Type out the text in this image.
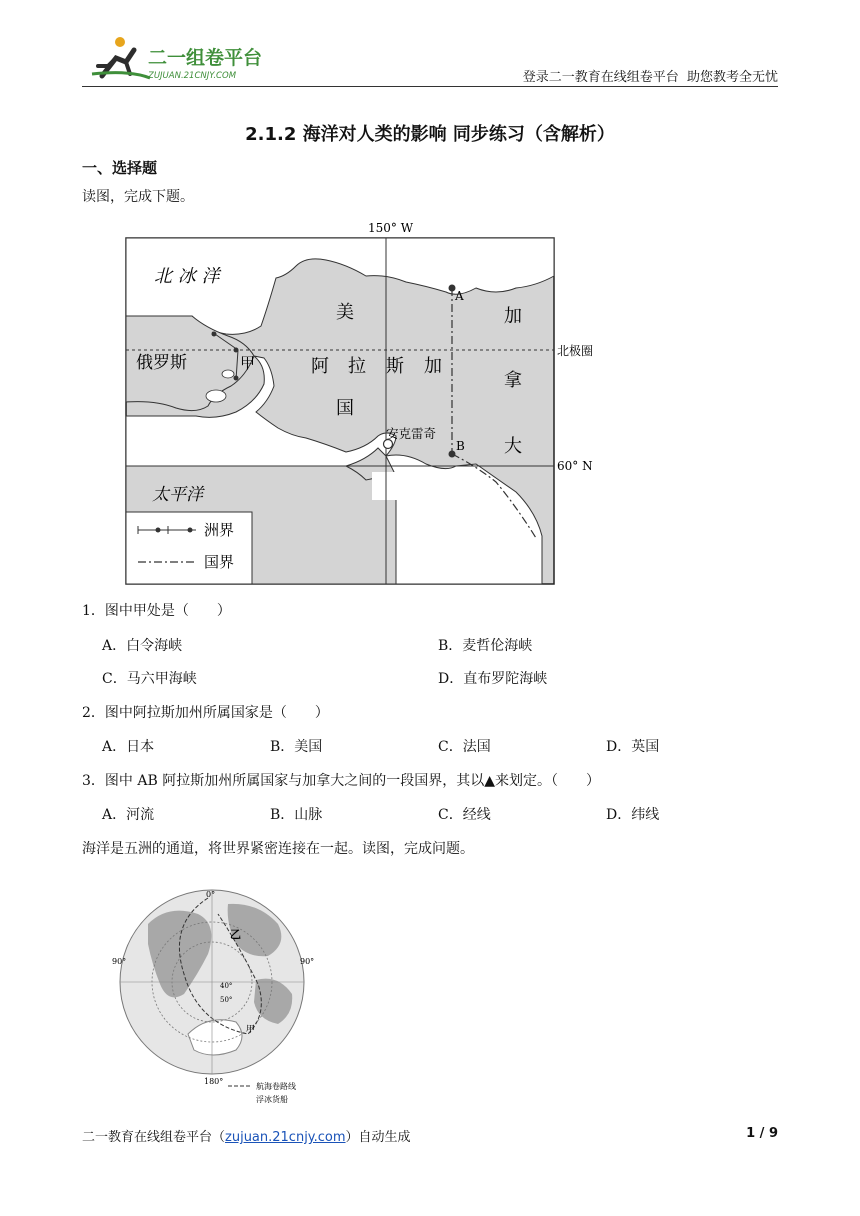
二一组卷平台
ZUJUAN.21CNJY.COM	登录二一教育在线组卷平台  助您教考全无忧
2.1.2 海洋对人类的影响 同步练习（含解析）
一、选择题
读图，完成下题。
150° W
北 冰 洋
俄罗斯	甲
美
阿 拉 斯 加
国
加
拿
大
北极圈
60° N
安克雷奇
A
B
太平洋
洲界
国界
1．图中甲处是（　　）
A．白令海峡	B．麦哲伦海峡
C．马六甲海峡	D．直布罗陀海峡
2．图中阿拉斯加州所属国家是（　　）
A．日本	B．美国	C．法国	D．英国
3．图中 AB 阿拉斯加州所属国家与加拿大之间的一段国界，其以▲来划定。（　　）
A．河流	B．山脉	C．经线	D．纬线
海洋是五洲的通道，将世界紧密连接在一起。读图，完成问题。
0°
90°	90°
180°
乙
甲
40°
50°
航海卷路线
浮冰货船
二一教育在线组卷平台（zujuan.21cnjy.com）自动生成	1 / 9
